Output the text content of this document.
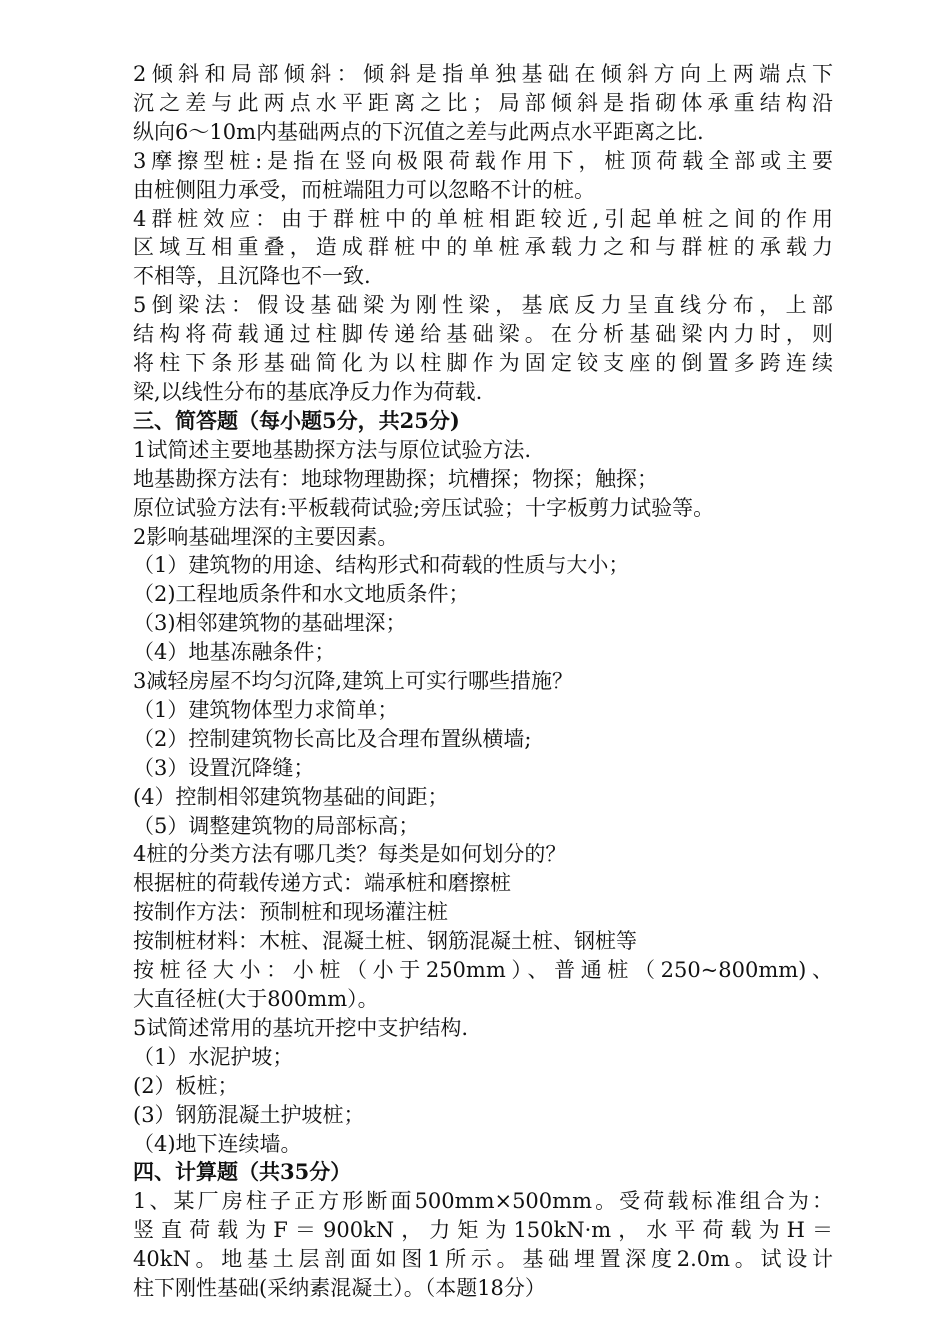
2倾斜和局部倾斜：倾斜是指单独基础在倾斜方向上两端点下
沉之差与此两点水平距离之比；局部倾斜是指砌体承重结构沿
纵向6～10m内基础两点的下沉值之差与此两点水平距离之比.
3摩擦型桩:是指在竖向极限荷载作用下，桩顶荷载全部或主要
由桩侧阻力承受，而桩端阻力可以忽略不计的桩。
4群桩效应：由于群桩中的单桩相距较近,引起单桩之间的作用
区域互相重叠，造成群桩中的单桩承载力之和与群桩的承载力
不相等，且沉降也不一致.
5倒梁法：假设基础梁为刚性梁，基底反力呈直线分布，上部
结构将荷载通过柱脚传递给基础梁。在分析基础梁内力时，则
将柱下条形基础简化为以柱脚作为固定铰支座的倒置多跨连续
梁,以线性分布的基底净反力作为荷载.
三、简答题（每小题5分，共25分)
1试简述主要地基勘探方法与原位试验方法.
地基勘探方法有：地球物理勘探；坑槽探；物探；触探；
原位试验方法有:平板载荷试验;旁压试验；十字板剪力试验等。
2影响基础埋深的主要因素。
（1）建筑物的用途、结构形式和荷载的性质与大小；
（2)工程地质条件和水文地质条件；
（3)相邻建筑物的基础埋深；
（4）地基冻融条件；
3减轻房屋不均匀沉降,建筑上可实行哪些措施？
（1）建筑物体型力求简单；
（2）控制建筑物长高比及合理布置纵横墙;
（3）设置沉降缝；
(4）控制相邻建筑物基础的间距；
（5）调整建筑物的局部标高；
4桩的分类方法有哪几类？每类是如何划分的？
根据桩的荷载传递方式：端承桩和磨擦桩
按制作方法：预制桩和现场灌注桩
按制桩材料：木桩、混凝土桩、钢筋混凝土桩、钢桩等
按桩径大小：小桩（小于250mm）、普通桩（250~800mm)、
大直径桩(大于800mm）。
5试简述常用的基坑开挖中支护结构.
（1）水泥护坡；
(2）板桩；
(3）钢筋混凝土护坡桩；
（4)地下连续墙。
四、计算题（共35分）
1、某厂房柱子正方形断面500mm×500mm。受荷载标准组合为：
竖直荷载为F＝900kN，力矩为150kN·m，水平荷载为H＝
40kN。地基土层剖面如图1所示。基础埋置深度2.0m。试设计
柱下刚性基础(采纳素混凝土）。（本题18分）
